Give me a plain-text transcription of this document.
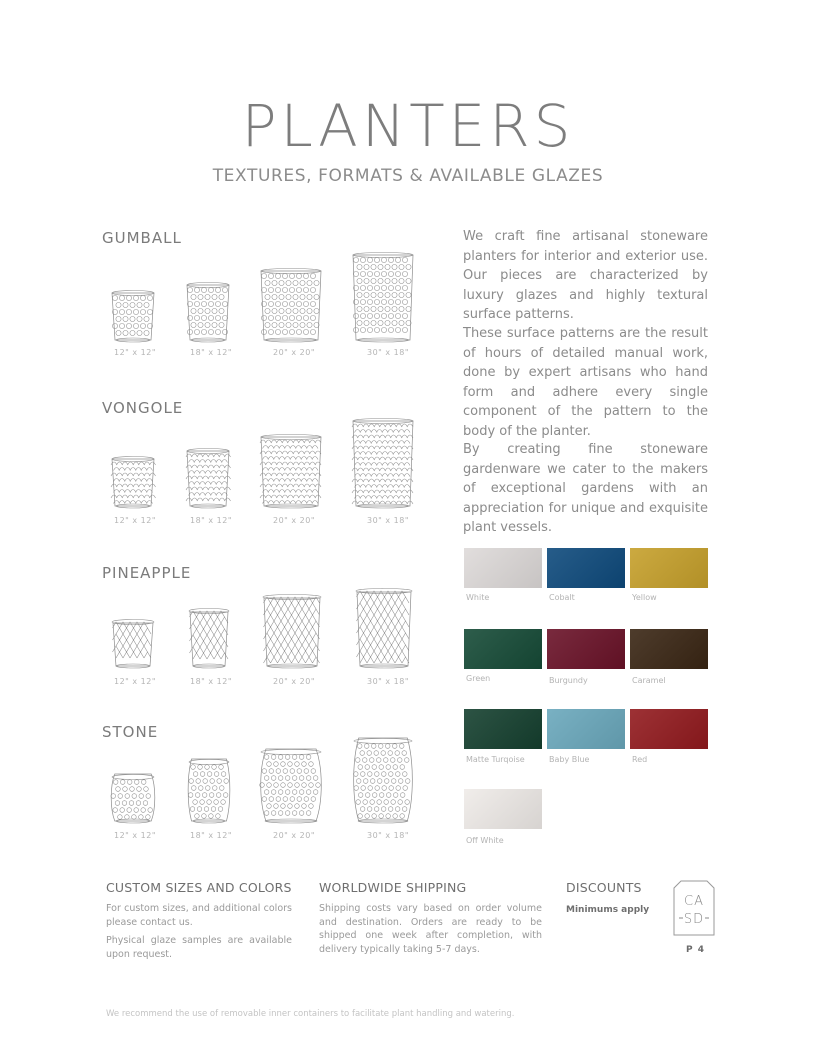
PLANTERS
TEXTURES, FORMATS & AVAILABLE GLAZES
GUMBALL
12" x 12"	18" x 12"	20" x 20"	30" x 18"
VONGOLE
12" x 12"	18" x 12"	20" x 20"	30" x 18"
PINEAPPLE
12" x 12"	18" x 12"	20" x 20"	30" x 18"
STONE
12" x 12"	18" x 12"	20" x 20"	30" x 18"

We craft fine artisanal stoneware planters for interior and exterior use. Our pieces are characterized by luxury glazes and highly textural surface patterns.

These surface patterns are the result of hours of detailed manual work, done by expert artisans who hand form and adhere every single component of the pattern to the body of the planter.

By creating fine stoneware gardenware we cater to the makers of exceptional gardens with an appreciation for unique and exquisite plant vessels.

White	Cobalt	Yellow
Green	Burgundy	Caramel
Matte Turqoise	Baby Blue	Red
Off White
CUSTOM SIZES AND COLORS

For custom sizes, and additional colors please contact us.

Physical glaze samples are available upon request.

WORLDWIDE SHIPPING

Shipping costs vary based on order volume and destination. Orders are ready to be shipped one week after completion, with delivery typically taking 5-7 days.

DISCOUNTS
Minimums apply
CA
SD
P 4
We recommend the use of removable inner containers to facilitate plant handling and watering.
